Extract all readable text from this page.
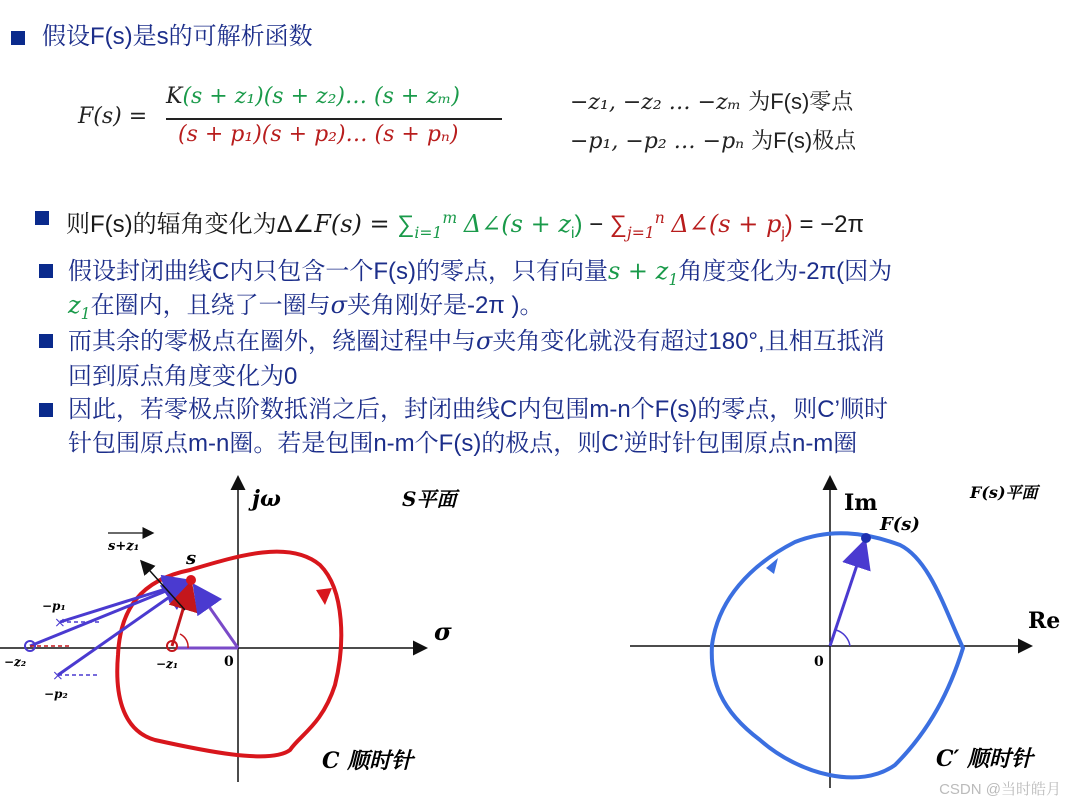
假设F(s)是s的可解析函数
F(s) =
K(s + z₁)(s + z₂)… (s + zₘ)
(s + p₁)(s + p₂)… (s + pₙ)
−z₁, −z₂ … −zₘ 为F(s)零点
−p₁, −p₂ … −pₙ 为F(s)极点
则F(s)的辐角变化为Δ∠F(s) = $\sum_{i=1}^m$ Δ∠(s + $z_i) - \sum_{j=1}^n$ Δ∠(s + $p_j) = -2\pi$
假设封闭曲线C内只包含一个F(s)的零点，只有向量$s + z_1$角度变化为-2π(因为
$z_1$在圈内，且绕了一圈与σ夹角刚好是-2π )。
而其余的零极点在圈外，绕圈过程中与σ夹角变化就没有超过180°,且相互抵消
回到原点角度变化为0
因此，若零极点阶数抵消之后，封闭曲线C内包围m-n个F(s)的零点，则C’顺时
针包围原点m-n圈。若是包围n-m个F(s)的极点，则C’逆时针包围原点n-m圈
×
×
S平面
jω
σ
0
s
s+z₁
−p₁
−p₂
−z₁
−z₂
C 顺时针
F(s)平面
Im
Re
0
F(s)
C′ 顺时针
CSDN @当时皓月
